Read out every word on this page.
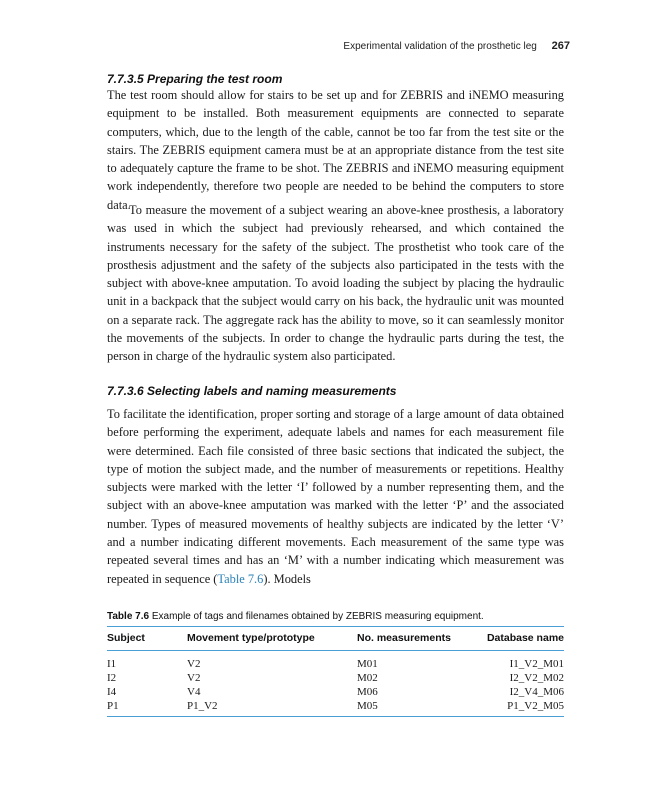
Experimental validation of the prosthetic leg 267
7.7.3.5 Preparing the test room

The test room should allow for stairs to be set up and for ZEBRIS and iNEMO measuring equipment to be installed. Both measurement equipments are connected to separate computers, which, due to the length of the cable, cannot be too far from the test site or the stairs. The ZEBRIS equipment camera must be at an appropriate distance from the test site to adequately capture the frame to be shot. The ZEBRIS and iNEMO measuring equipment work independently, therefore two people are needed to be behind the computers to store data.

To measure the movement of a subject wearing an above-knee prosthesis, a laboratory was used in which the subject had previously rehearsed, and which contained the instruments necessary for the safety of the subject. The prosthetist who took care of the prosthesis adjustment and the safety of the subjects also participated in the tests with the subject with above-knee amputation. To avoid loading the subject by placing the hydraulic unit in a backpack that the subject would carry on his back, the hydraulic unit was mounted on a separate rack. The aggregate rack has the ability to move, so it can seamlessly monitor the movements of the subjects. In order to change the hydraulic parts during the test, the person in charge of the hydraulic system also participated.

7.7.3.6 Selecting labels and naming measurements

To facilitate the identification, proper sorting and storage of a large amount of data obtained before performing the experiment, adequate labels and names for each measurement file were determined. Each file consisted of three basic sections that indicated the subject, the type of motion the subject made, and the number of measurements or repetitions. Healthy subjects were marked with the letter ‘I’ followed by a number representing them, and the subject with an above-knee amputation was marked with the letter ‘P’ and the associated number. Types of measured movements of healthy subjects are indicated by the letter ‘V’ and a number indicating different movements. Each measurement of the same type was repeated several times and has an ‘M’ with a number indicating which measurement was repeated in sequence (Table 7.6). Models

Table 7.6 Example of tags and filenames obtained by ZEBRIS measuring equipment.
Subject	Movement type/prototype	No. measurements	Database name
I1	V2	M01	I1_V2_M01
I2	V2	M02	I2_V2_M02
I4	V4	M06	I2_V4_M06
P1	P1_V2	M05	P1_V2_M05
